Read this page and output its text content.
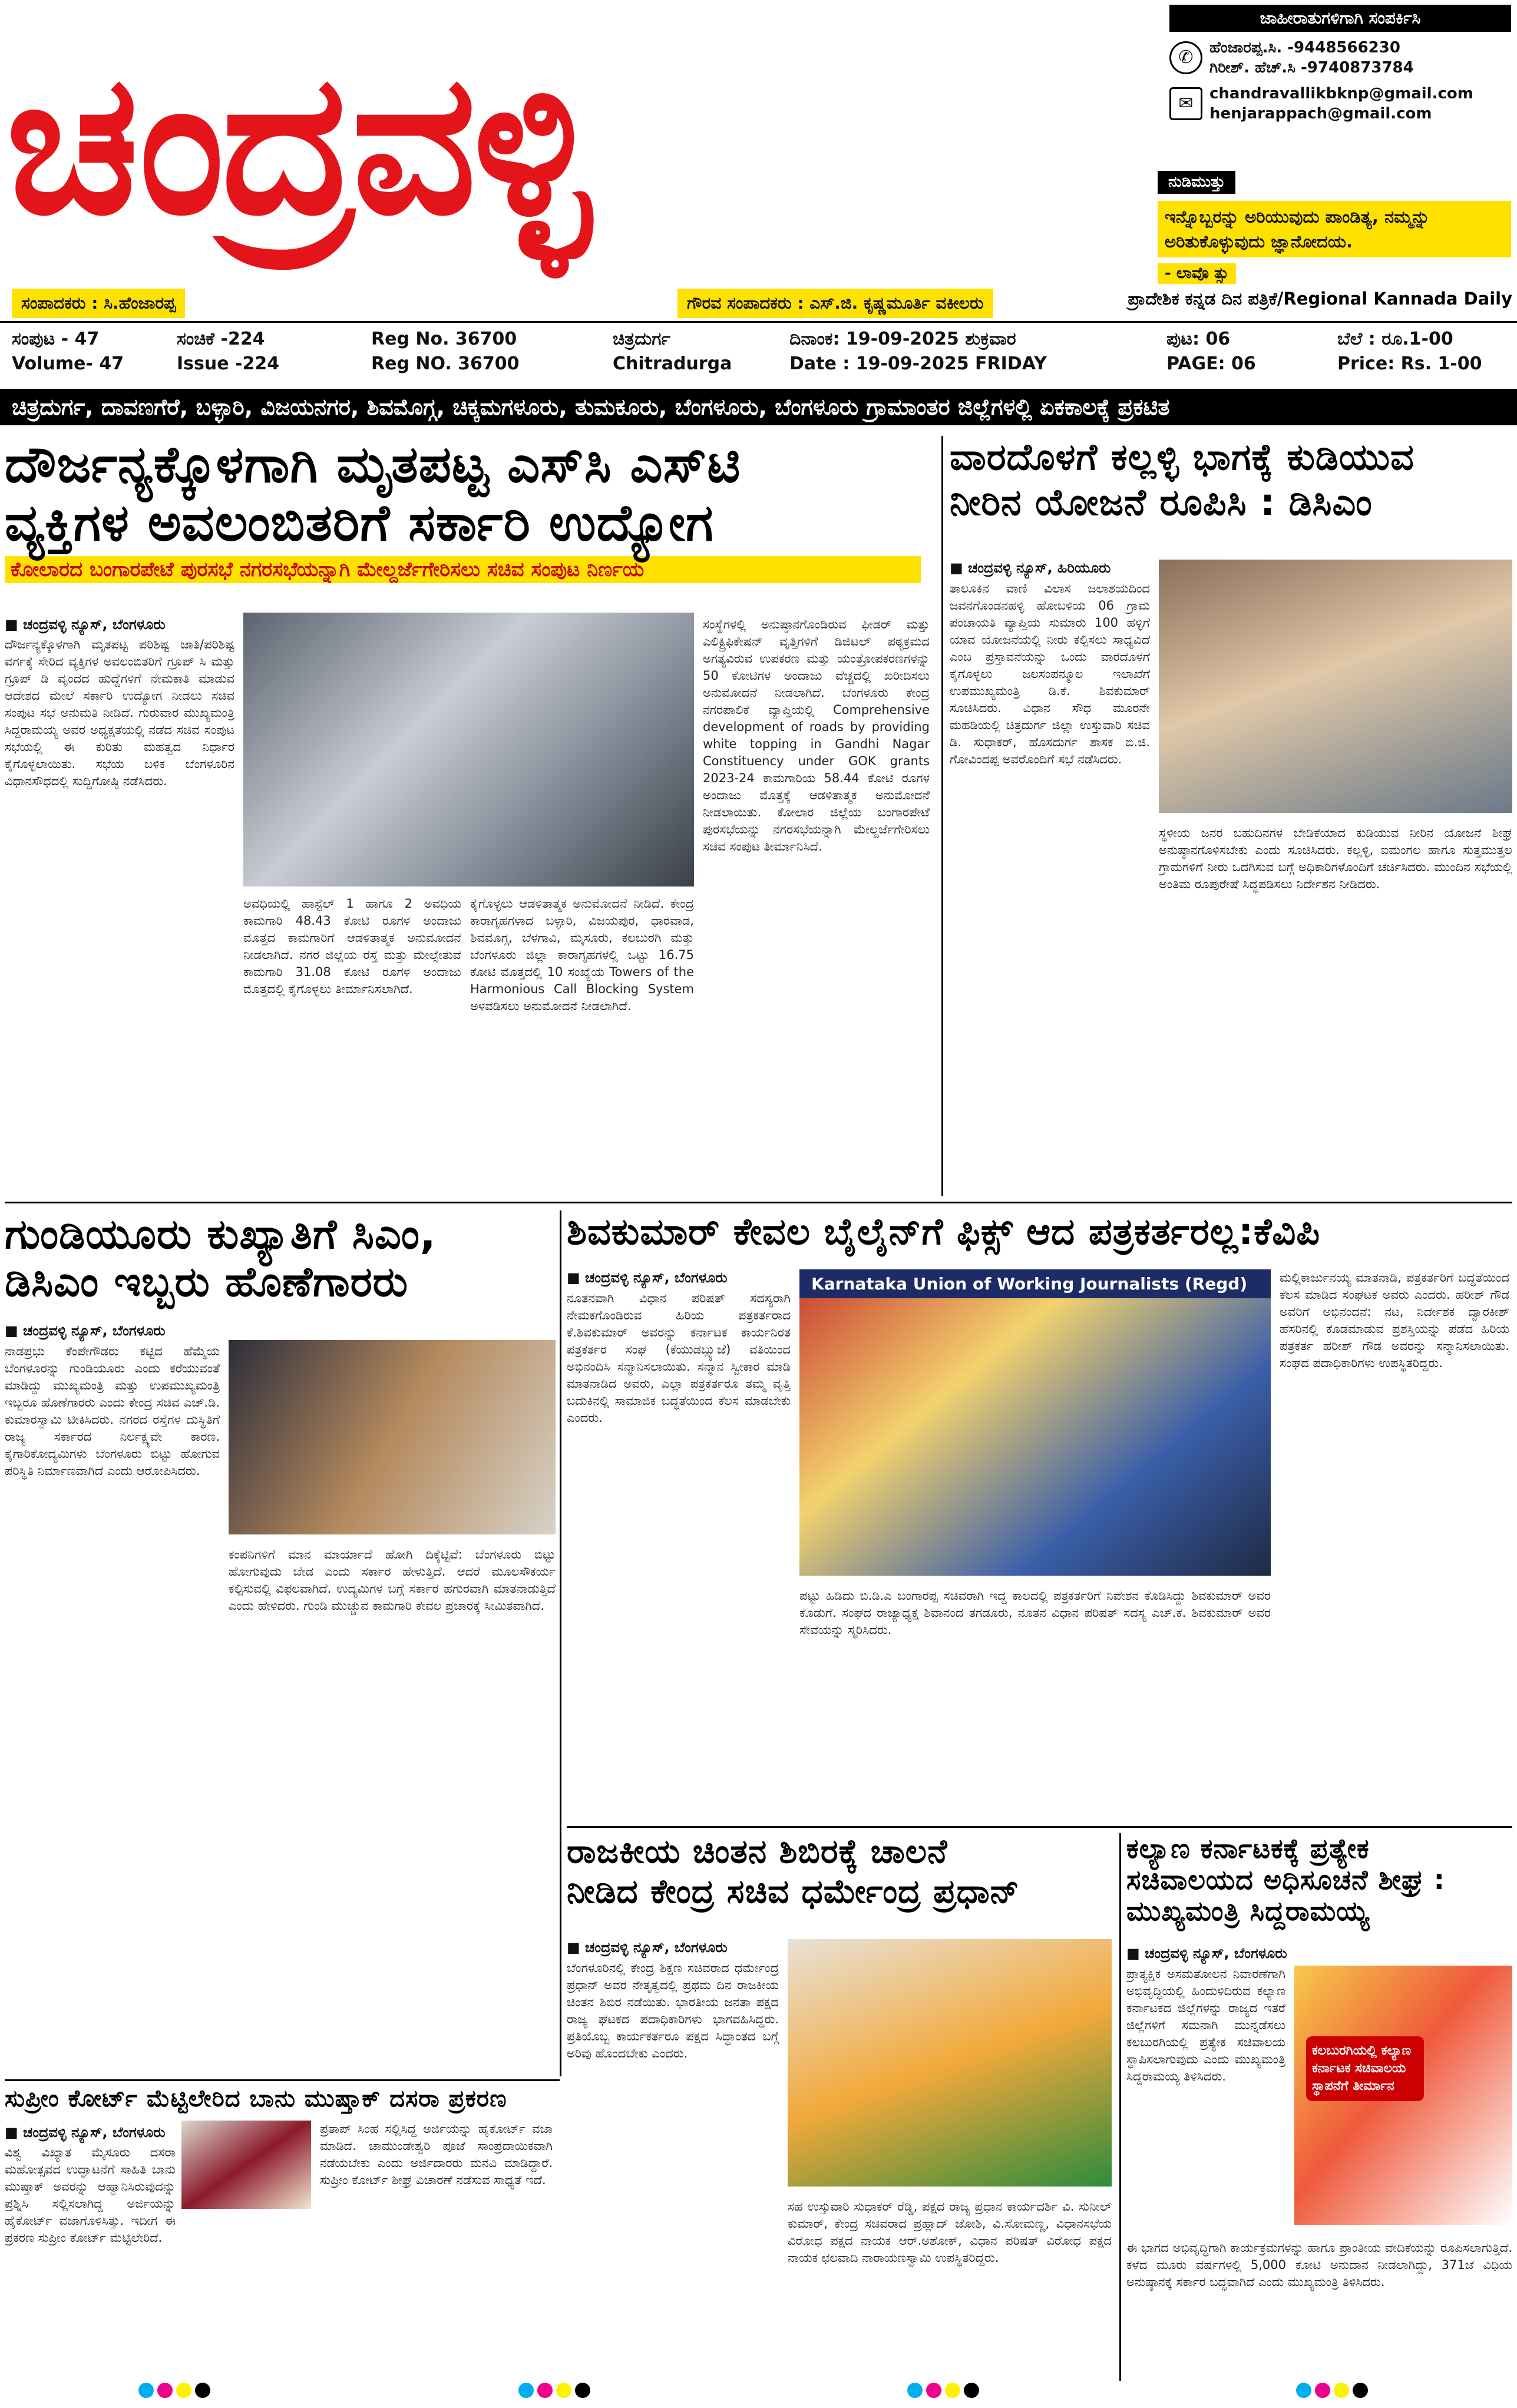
ಚಂದ್ರವಳ್ಳಿ
ಜಾಹೀರಾತುಗಳಿಗಾಗಿ ಸಂಪರ್ಕಿಸಿ
✆	ಹೆಂಜಾರಪ್ಪ.ಸಿ. -9448566230
ಗಿರೀಶ್. ಹೆಚ್.ಸಿ -9740873784
✉	chandravallikbknp@gmail.com
henjarappach@gmail.com
ನುಡಿಮುತ್ತು
ಇನ್ನೊಬ್ಬರನ್ನು ಅರಿಯುವುದು ಪಾಂಡಿತ್ಯ, ನಮ್ಮನ್ನು ಅರಿತುಕೊಳ್ಳುವುದು ಜ್ಞಾನೋದಯ.
- ಲಾವೊ ತ್ಸು
ಸಂಪಾದಕರು : ಸಿ.ಹೆಂಜಾರಪ್ಪ	ಗೌರವ ಸಂಪಾದಕರು : ಎಸ್.ಜಿ. ಕೃಷ್ಣಮೂರ್ತಿ ವಕೀಲರು	ಪ್ರಾದೇಶಿಕ ಕನ್ನಡ ದಿನ ಪತ್ರಿಕೆ/Regional Kannada Daily
ಸಂಪುಟ - 47
Volume- 47
ಸಂಚಿಕೆ -224
Issue -224
Reg No. 36700
Reg NO. 36700
ಚಿತ್ರದುರ್ಗ
Chitradurga
ದಿನಾಂಕ: 19-09-2025 ಶುಕ್ರವಾರ
Date : 19-09-2025 FRIDAY
ಪುಟ: 06
PAGE: 06
ಬೆಲೆ : ರೂ.1-00
Price: Rs. 1-00
ಚಿತ್ರದುರ್ಗ, ದಾವಣಗೆರೆ, ಬಳ್ಳಾರಿ, ವಿಜಯನಗರ, ಶಿವಮೊಗ್ಗ, ಚಿಕ್ಕಮಗಳೂರು, ತುಮಕೂರು, ಬೆಂಗಳೂರು, ಬೆಂಗಳೂರು ಗ್ರಾಮಾಂತರ ಜಿಲ್ಲೆಗಳಲ್ಲಿ ಏಕಕಾಲಕ್ಕೆ ಪ್ರಕಟಿತ
ದೌರ್ಜನ್ಯಕ್ಕೊಳಗಾಗಿ ಮೃತಪಟ್ಟ ಎಸ್‌ಸಿ ಎಸ್‌ಟಿ
ವ್ಯಕ್ತಿಗಳ ಅವಲಂಬಿತರಿಗೆ ಸರ್ಕಾರಿ ಉದ್ಯೋಗ
ಕೋಲಾರದ ಬಂಗಾರಪೇಟೆ ಪುರಸಭೆ ನಗರಸಭೆಯನ್ನಾಗಿ ಮೇಲ್ದರ್ಜೆಗೇರಿಸಲು ಸಚಿವ ಸಂಪುಟ ನಿರ್ಣಯ
■ ಚಂದ್ರವಳ್ಳಿ ನ್ಯೂಸ್, ಬೆಂಗಳೂರು
ದೌರ್ಜನ್ಯಕ್ಕೊಳಗಾಗಿ ಮೃತಪಟ್ಟ ಪರಿಶಿಷ್ಟ ಜಾತಿ/ಪರಿಶಿಷ್ಟ ವರ್ಗಕ್ಕೆ ಸೇರಿದ ವ್ಯಕ್ತಿಗಳ ಅವಲಂಬಿತರಿಗೆ ಗ್ರೂಪ್ ಸಿ ಮತ್ತು ಗ್ರೂಪ್ ಡಿ ವೃಂದದ ಹುದ್ದೆಗಳಿಗೆ ನೇಮಕಾತಿ ಮಾಡುವ ಆದೇಶದ ಮೇಲೆ ಸರ್ಕಾರಿ ಉದ್ಯೋಗ ನೀಡಲು ಸಚಿವ ಸಂಪುಟ ಸಭೆ ಅನುಮತಿ ನೀಡಿದೆ. ಗುರುವಾರ ಮುಖ್ಯಮಂತ್ರಿ ಸಿದ್ದರಾಮಯ್ಯ ಅವರ ಅಧ್ಯಕ್ಷತೆಯಲ್ಲಿ ನಡೆದ ಸಚಿವ ಸಂಪುಟ ಸಭೆಯಲ್ಲಿ ಈ ಕುರಿತು ಮಹತ್ವದ ನಿರ್ಧಾರ ಕೈಗೊಳ್ಳಲಾಯಿತು. ಸಭೆಯ ಬಳಿಕ ಬೆಂಗಳೂರಿನ ವಿಧಾನಸೌಧದಲ್ಲಿ ಸುದ್ದಿಗೋಷ್ಠಿ ನಡೆಸಿದರು.
ಅವಧಿಯಲ್ಲಿ ಹಾಸ್ಟೆಲ್ 1 ಹಾಗೂ 2 ಅವಧಿಯ ಕಾಮಗಾರಿ 48.43 ಕೋಟಿ ರೂಗಳ ಅಂದಾಜು ಮೊತ್ತದ ಕಾಮಗಾರಿಗೆ ಆಡಳಿತಾತ್ಮಕ ಅನುಮೋದನೆ ನೀಡಲಾಗಿದೆ. ನಗರ ಜಿಲ್ಲೆಯ ರಸ್ತೆ ಮತ್ತು ಮೇಲ್ಸೇತುವೆ ಕಾಮಗಾರಿ 31.08 ಕೋಟಿ ರೂಗಳ ಅಂದಾಜು ಮೊತ್ತದಲ್ಲಿ ಕೈಗೊಳ್ಳಲು ತೀರ್ಮಾನಿಸಲಾಗಿದೆ.
ಕೈಗೊಳ್ಳಲು ಆಡಳಿತಾತ್ಮಕ ಅನುಮೋದನೆ ನೀಡಿದೆ. ಕೇಂದ್ರ ಕಾರಾಗೃಹಗಳಾದ ಬಳ್ಳಾರಿ, ವಿಜಯಪುರ, ಧಾರವಾಡ, ಶಿವಮೊಗ್ಗ, ಬೆಳಗಾವಿ, ಮೈಸೂರು, ಕಲಬುರಗಿ ಮತ್ತು ಬೆಂಗಳೂರು ಜಿಲ್ಲಾ ಕಾರಾಗೃಹಗಳಲ್ಲಿ ಒಟ್ಟು 16.75 ಕೋಟಿ ಮೊತ್ತದಲ್ಲಿ 10 ಸಂಖ್ಯೆಯ Towers of the Harmonious Call Blocking System ಅಳವಡಿಸಲು ಅನುಮೋದನೆ ನೀಡಲಾಗಿದೆ.
ಸಂಸ್ಥೆಗಳಲ್ಲಿ ಅನುಷ್ಠಾನಗೊಂಡಿರುವ ಫೀಡರ್ ಮತ್ತು ಎಲಿಕ್ಟ್ರಿಫಿಕೇಷನ್ ವೃತ್ತಿಗಳಿಗೆ ಡಿಜಿಟಲ್ ಪಠ್ಯಕ್ರಮದ ಅಗತ್ಯವಿರುವ ಉಪಕರಣ ಮತ್ತು ಯಂತ್ರೋಪಕರಣಗಳನ್ನು 50 ಕೋಟಿಗಳ ಅಂದಾಜು ವೆಚ್ಚದಲ್ಲಿ ಖರೀದಿಸಲು ಅನುಮೋದನೆ ನೀಡಲಾಗಿದೆ. ಬೆಂಗಳೂರು ಕೇಂದ್ರ ನಗರಪಾಲಿಕೆ ವ್ಯಾಪ್ತಿಯಲ್ಲಿ Comprehensive development of roads by providing white topping in Gandhi Nagar Constituency under GOK grants 2023-24 ಕಾಮಗಾರಿಯ 58.44 ಕೋಟಿ ರೂಗಳ ಅಂದಾಜು ಮೊತ್ತಕ್ಕೆ ಆಡಳಿತಾತ್ಮಕ ಅನುಮೋದನೆ ನೀಡಲಾಯಿತು. ಕೋಲಾರ ಜಿಲ್ಲೆಯ ಬಂಗಾರಪೇಟೆ ಪುರಸಭೆಯನ್ನು ನಗರಸಭೆಯನ್ನಾಗಿ ಮೇಲ್ದರ್ಜೆಗೇರಿಸಲು ಸಚಿವ ಸಂಪುಟ ತೀರ್ಮಾನಿಸಿದೆ.
ವಾರದೊಳಗೆ ಕಲ್ಲಳ್ಳಿ ಭಾಗಕ್ಕೆ ಕುಡಿಯುವ
ನೀರಿನ ಯೋಜನೆ ರೂಪಿಸಿ : ಡಿಸಿಎಂ
■ ಚಂದ್ರವಳ್ಳಿ ನ್ಯೂಸ್, ಹಿರಿಯೂರು
ತಾಲೂಕಿನ ವಾಣಿ ವಿಲಾಸ ಜಲಾಶಯದಿಂದ ಜವನಗೊಂಡನಹಳ್ಳಿ ಹೋಬಳಿಯ 06 ಗ್ರಾಮ ಪಂಚಾಯತಿ ವ್ಯಾಪ್ತಿಯ ಸುಮಾರು 100 ಹಳ್ಳಿಗೆ ಯಾವ ಯೋಜನೆಯಲ್ಲಿ ನೀರು ಕಲ್ಪಿಸಲು ಸಾಧ್ಯವಿದೆ ಎಂಬ ಪ್ರಸ್ತಾವನೆಯನ್ನು ಒಂದು ವಾರದೊಳಗೆ ಕೈಗೊಳ್ಳಲು ಜಲಸಂಪನ್ಮೂಲ ಇಲಾಖೆಗೆ ಉಪಮುಖ್ಯಮಂತ್ರಿ ಡಿ.ಕೆ. ಶಿವಕುಮಾರ್ ಸೂಚಿಸಿದರು. ವಿಧಾನ ಸೌಧ ಮೂರನೇ ಮಹಡಿಯಲ್ಲಿ ಚಿತ್ರದುರ್ಗ ಜಿಲ್ಲಾ ಉಸ್ತುವಾರಿ ಸಚಿವ ಡಿ. ಸುಧಾಕರ್, ಹೊಸದುರ್ಗ ಶಾಸಕ ಬಿ.ಜಿ. ಗೋವಿಂದಪ್ಪ ಅವರೊಂದಿಗೆ ಸಭೆ ನಡೆಸಿದರು.
ಸ್ಥಳೀಯ ಜನರ ಬಹುದಿನಗಳ ಬೇಡಿಕೆಯಾದ ಕುಡಿಯುವ ನೀರಿನ ಯೋಜನೆ ಶೀಘ್ರ ಅನುಷ್ಠಾನಗೊಳಿಸಬೇಕು ಎಂದು ಸೂಚಿಸಿದರು. ಕಲ್ಲಳ್ಳಿ, ಐಮಂಗಲ ಹಾಗೂ ಸುತ್ತಮುತ್ತಲ ಗ್ರಾಮಗಳಿಗೆ ನೀರು ಒದಗಿಸುವ ಬಗ್ಗೆ ಅಧಿಕಾರಿಗಳೊಂದಿಗೆ ಚರ್ಚಿಸಿದರು. ಮುಂದಿನ ಸಭೆಯಲ್ಲಿ ಅಂತಿಮ ರೂಪುರೇಷೆ ಸಿದ್ಧಪಡಿಸಲು ನಿರ್ದೇಶನ ನೀಡಿದರು.
ಗುಂಡಿಯೂರು ಕುಖ್ಯಾತಿಗೆ ಸಿಎಂ,
ಡಿಸಿಎಂ ಇಬ್ಬರು ಹೊಣೆಗಾರರು
■ ಚಂದ್ರವಳ್ಳಿ ನ್ಯೂಸ್, ಬೆಂಗಳೂರು
ನಾಡಪ್ರಭು ಕೆಂಪೇಗೌಡರು ಕಟ್ಟಿದ ಹೆಮ್ಮೆಯ ಬೆಂಗಳೂರನ್ನು ಗುಂಡಿಯೂರು ಎಂದು ಕರೆಯುವಂತೆ ಮಾಡಿದ್ದು ಮುಖ್ಯಮಂತ್ರಿ ಮತ್ತು ಉಪಮುಖ್ಯಮಂತ್ರಿ ಇಬ್ಬರೂ ಹೊಣೆಗಾರರು ಎಂದು ಕೇಂದ್ರ ಸಚಿವ ಎಚ್.ಡಿ. ಕುಮಾರಸ್ವಾಮಿ ಟೀಕಿಸಿದರು. ನಗರದ ರಸ್ತೆಗಳ ದುಸ್ಥಿತಿಗೆ ರಾಜ್ಯ ಸರ್ಕಾರದ ನಿರ್ಲಕ್ಷ್ಯವೇ ಕಾರಣ. ಕೈಗಾರಿಕೋದ್ಯಮಿಗಳು ಬೆಂಗಳೂರು ಬಿಟ್ಟು ಹೋಗುವ ಪರಿಸ್ಥಿತಿ ನಿರ್ಮಾಣವಾಗಿದೆ ಎಂದು ಆರೋಪಿಸಿದರು.
ಕಂಪನಿಗಳಿಗೆ ಮಾನ ಮಾರ್ಯಾದೆ ಹೋಗಿ ದಿಕ್ಕೆಟ್ಟಿವೆ: ಬೆಂಗಳೂರು ಬಿಟ್ಟು ಹೋಗುವುದು ಬೇಡ ಎಂದು ಸರ್ಕಾರ ಹೇಳುತ್ತಿದೆ. ಆದರೆ ಮೂಲಸೌಕರ್ಯ ಕಲ್ಪಿಸುವಲ್ಲಿ ವಿಫಲವಾಗಿದೆ. ಉದ್ಯಮಿಗಳ ಬಗ್ಗೆ ಸರ್ಕಾರ ಹಗುರವಾಗಿ ಮಾತನಾಡುತ್ತಿದೆ ಎಂದು ಹೇಳಿದರು. ಗುಂಡಿ ಮುಚ್ಚುವ ಕಾಮಗಾರಿ ಕೇವಲ ಪ್ರಚಾರಕ್ಕೆ ಸೀಮಿತವಾಗಿದೆ.
ಶಿವಕುಮಾರ್ ಕೇವಲ ಬೈಲೈನ್‌ಗೆ ಫಿಕ್ಸ್ ಆದ ಪತ್ರಕರ್ತರಲ್ಲ:ಕೆವಿಪಿ
■ ಚಂದ್ರವಳ್ಳಿ ನ್ಯೂಸ್, ಬೆಂಗಳೂರು
ನೂತನವಾಗಿ ವಿಧಾನ ಪರಿಷತ್ ಸದಸ್ಯರಾಗಿ ನೇಮಕಗೊಂಡಿರುವ ಹಿರಿಯ ಪತ್ರಕರ್ತರಾದ ಕೆ.ಶಿವಕುಮಾರ್ ಅವರನ್ನು ಕರ್ನಾಟಕ ಕಾರ್ಯನಿರತ ಪತ್ರಕರ್ತರ ಸಂಘ (ಕೆಯುಡಬ್ಲ್ಯುಜೆ) ವತಿಯಿಂದ ಅಭಿನಂದಿಸಿ ಸನ್ಮಾನಿಸಲಾಯಿತು. ಸನ್ಮಾನ ಸ್ವೀಕಾರ ಮಾಡಿ ಮಾತನಾಡಿದ ಅವರು, ಎಲ್ಲಾ ಪತ್ರಕರ್ತರೂ ತಮ್ಮ ವೃತ್ತಿ ಬದುಕಿನಲ್ಲಿ ಸಾಮಾಜಿಕ ಬದ್ಧತೆಯಿಂದ ಕೆಲಸ ಮಾಡಬೇಕು ಎಂದರು.
Karnataka Union of Working Journalists (Regd)
ಪಟ್ಟು ಹಿಡಿದು ಬಿ.ಡಿ.ಎ ಬಂಗಾರಪ್ಪ ಸಚಿವರಾಗಿ ಇದ್ದ ಕಾಲದಲ್ಲಿ ಪತ್ರಕರ್ತರಿಗೆ ನಿವೇಶನ ಕೊಡಿಸಿದ್ದು ಶಿವಕುಮಾರ್ ಅವರ ಕೊಡುಗೆ. ಸಂಘದ ರಾಜ್ಯಾಧ್ಯಕ್ಷ ಶಿವಾನಂದ ತಗಡೂರು, ನೂತನ ವಿಧಾನ ಪರಿಷತ್ ಸದಸ್ಯ ಎಚ್.ಕೆ. ಶಿವಕುಮಾರ್ ಅವರ ಸೇವೆಯನ್ನು ಸ್ಮರಿಸಿದರು.
ಮಲ್ಲಿಕಾರ್ಜುನಯ್ಯ ಮಾತನಾಡಿ, ಪತ್ರಕರ್ತರಿಗೆ ಬದ್ಧತೆಯಿಂದ ಕೆಲಸ ಮಾಡಿದ ಸಂಘಟಕ ಅವರು ಎಂದರು. ಹರೀಶ್ ಗೌಡ ಅವರಿಗೆ ಅಭಿನಂದನೆ: ನಟ, ನಿರ್ದೇಶಕ ದ್ವಾರಕೀಶ್ ಹೆಸರಿನಲ್ಲಿ ಕೊಡಮಾಡುವ ಪ್ರಶಸ್ತಿಯನ್ನು ಪಡೆದ ಹಿರಿಯ ಪತ್ರಕರ್ತ ಹರೀಶ್ ಗೌಡ ಅವರನ್ನು ಸನ್ಮಾನಿಸಲಾಯಿತು. ಸಂಘದ ಪದಾಧಿಕಾರಿಗಳು ಉಪಸ್ಥಿತರಿದ್ದರು.
ರಾಜಕೀಯ ಚಿಂತನ ಶಿಬಿರಕ್ಕೆ ಚಾಲನೆ
ನೀಡಿದ ಕೇಂದ್ರ ಸಚಿವ ಧರ್ಮೇಂದ್ರ ಪ್ರಧಾನ್
■ ಚಂದ್ರವಳ್ಳಿ ನ್ಯೂಸ್, ಬೆಂಗಳೂರು
ಬೆಂಗಳೂರಿನಲ್ಲಿ ಕೇಂದ್ರ ಶಿಕ್ಷಣ ಸಚಿವರಾದ ಧರ್ಮೇಂದ್ರ ಪ್ರಧಾನ್ ಅವರ ನೇತೃತ್ವದಲ್ಲಿ ಪ್ರಥಮ ದಿನ ರಾಜಕೀಯ ಚಿಂತನ ಶಿಬಿರ ನಡೆಯಿತು. ಭಾರತೀಯ ಜನತಾ ಪಕ್ಷದ ರಾಜ್ಯ ಘಟಕದ ಪದಾಧಿಕಾರಿಗಳು ಭಾಗವಹಿಸಿದ್ದರು. ಪ್ರತಿಯೊಬ್ಬ ಕಾರ್ಯಕರ್ತರೂ ಪಕ್ಷದ ಸಿದ್ಧಾಂತದ ಬಗ್ಗೆ ಅರಿವು ಹೊಂದಬೇಕು ಎಂದರು.
ಸಹ ಉಸ್ತುವಾರಿ ಸುಧಾಕರ್ ರೆಡ್ಡಿ, ಪಕ್ಷದ ರಾಜ್ಯ ಪ್ರಧಾನ ಕಾರ್ಯದರ್ಶಿ ವಿ. ಸುನೀಲ್ ಕುಮಾರ್, ಕೇಂದ್ರ ಸಚಿವರಾದ ಪ್ರಹ್ಲಾದ್ ಜೋಶಿ, ವಿ.ಸೋಮಣ್ಣ, ವಿಧಾನಸಭೆಯ ವಿರೋಧ ಪಕ್ಷದ ನಾಯಕ ಆರ್.ಅಶೋಕ್, ವಿಧಾನ ಪರಿಷತ್ ವಿರೋಧ ಪಕ್ಷದ ನಾಯಕ ಛಲವಾದಿ ನಾರಾಯಣಸ್ವಾಮಿ ಉಪಸ್ಥಿತರಿದ್ದರು.
ಕಲ್ಯಾಣ ಕರ್ನಾಟಕಕ್ಕೆ ಪ್ರತ್ಯೇಕ
ಸಚಿವಾಲಯದ ಅಧಿಸೂಚನೆ ಶೀಘ್ರ :
ಮುಖ್ಯಮಂತ್ರಿ ಸಿದ್ದರಾಮಯ್ಯ
■ ಚಂದ್ರವಳ್ಳಿ ನ್ಯೂಸ್, ಬೆಂಗಳೂರು
ಪ್ರಾತ್ಯಕ್ಷಿಕ ಅಸಮತೋಲನ ನಿವಾರಣೆಗಾಗಿ ಅಭಿವೃದ್ಧಿಯಲ್ಲಿ ಹಿಂದುಳಿದಿರುವ ಕಲ್ಯಾಣ ಕರ್ನಾಟಕದ ಜಿಲ್ಲೆಗಳನ್ನು ರಾಜ್ಯದ ಇತರೆ ಜಿಲ್ಲೆಗಳಿಗೆ ಸಮನಾಗಿ ಮುನ್ನಡೆಸಲು ಕಲಬುರಗಿಯಲ್ಲಿ ಪ್ರತ್ಯೇಕ ಸಚಿವಾಲಯ ಸ್ಥಾಪಿಸಲಾಗುವುದು ಎಂದು ಮುಖ್ಯಮಂತ್ರಿ ಸಿದ್ದರಾಮಯ್ಯ ತಿಳಿಸಿದರು.
ಕಲಬುರಗಿಯಲ್ಲಿ ಕಲ್ಯಾಣ ಕರ್ನಾಟಕ ಸಚಿವಾಲಯ ಸ್ಥಾಪನೆಗೆ ತೀರ್ಮಾನ
ಈ ಭಾಗದ ಅಭಿವೃದ್ಧಿಗಾಗಿ ಕಾರ್ಯಕ್ರಮಗಳನ್ನು ಹಾಗೂ ಪ್ರಾಂತೀಯ ವೇದಿಕೆಯನ್ನು ರೂಪಿಸಲಾಗುತ್ತಿದೆ. ಕಳೆದ ಮೂರು ವರ್ಷಗಳಲ್ಲಿ 5,000 ಕೋಟಿ ಅನುದಾನ ನೀಡಲಾಗಿದ್ದು, 371ಜೆ ವಿಧಿಯ ಅನುಷ್ಠಾನಕ್ಕೆ ಸರ್ಕಾರ ಬದ್ಧವಾಗಿದೆ ಎಂದು ಮುಖ್ಯಮಂತ್ರಿ ತಿಳಿಸಿದರು.
ಸುಪ್ರೀಂ ಕೋರ್ಟ್ ಮೆಟ್ಟಿಲೇರಿದ ಬಾನು ಮುಷ್ತಾಕ್ ದಸರಾ ಪ್ರಕರಣ
■ ಚಂದ್ರವಳ್ಳಿ ನ್ಯೂಸ್, ಬೆಂಗಳೂರು
ವಿಶ್ವ ವಿಖ್ಯಾತ ಮೈಸೂರು ದಸರಾ ಮಹೋತ್ಸವದ ಉದ್ಘಾಟನೆಗೆ ಸಾಹಿತಿ ಬಾನು ಮುಷ್ತಾಕ್ ಅವರನ್ನು ಆಹ್ವಾನಿಸಿರುವುದನ್ನು ಪ್ರಶ್ನಿಸಿ ಸಲ್ಲಿಸಲಾಗಿದ್ದ ಅರ್ಜಿಯನ್ನು ಹೈಕೋರ್ಟ್ ವಜಾಗೊಳಿಸಿತ್ತು. ಇದೀಗ ಈ ಪ್ರಕರಣ ಸುಪ್ರೀಂ ಕೋರ್ಟ್ ಮೆಟ್ಟಿಲೇರಿದೆ.
ಪ್ರತಾಪ್ ಸಿಂಹ ಸಲ್ಲಿಸಿದ್ದ ಅರ್ಜಿಯನ್ನು ಹೈಕೋರ್ಟ್ ವಜಾ ಮಾಡಿದೆ. ಚಾಮುಂಡೇಶ್ವರಿ ಪೂಜೆ ಸಾಂಪ್ರದಾಯಿಕವಾಗಿ ನಡೆಯಬೇಕು ಎಂದು ಅರ್ಜಿದಾರರು ಮನವಿ ಮಾಡಿದ್ದಾರೆ. ಸುಪ್ರೀಂ ಕೋರ್ಟ್ ಶೀಘ್ರ ವಿಚಾರಣೆ ನಡೆಸುವ ಸಾಧ್ಯತೆ ಇದೆ.
